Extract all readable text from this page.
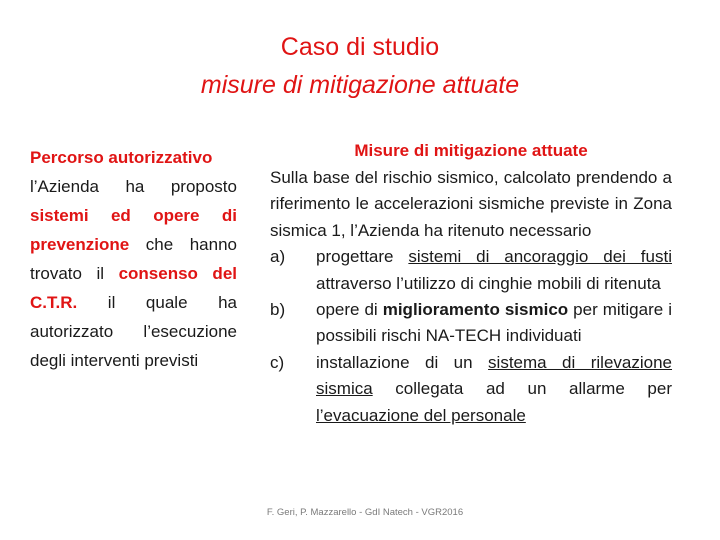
Caso di studio
misure di mitigazione attuate
Percorso autorizzativo
l’Azienda ha proposto sistemi ed opere di prevenzione che hanno trovato il consenso del C.T.R. il quale ha autorizzato l’esecuzione degli interventi previsti
Misure di mitigazione attuate
Sulla base del rischio sismico, calcolato prendendo a riferimento le accelerazioni sismiche previste in Zona sismica 1, l’Azienda ha ritenuto necessario
a)	progettare sistemi di ancoraggio dei fusti attraverso l’utilizzo di cinghie mobili di ritenuta
b)	opere di miglioramento sismico per mitigare i possibili rischi NA-TECH individuati
c)	installazione di un sistema di rilevazione sismica collegata ad un allarme per l’evacuazione del personale
F. Geri, P. Mazzarello - GdI Natech - VGR2016
